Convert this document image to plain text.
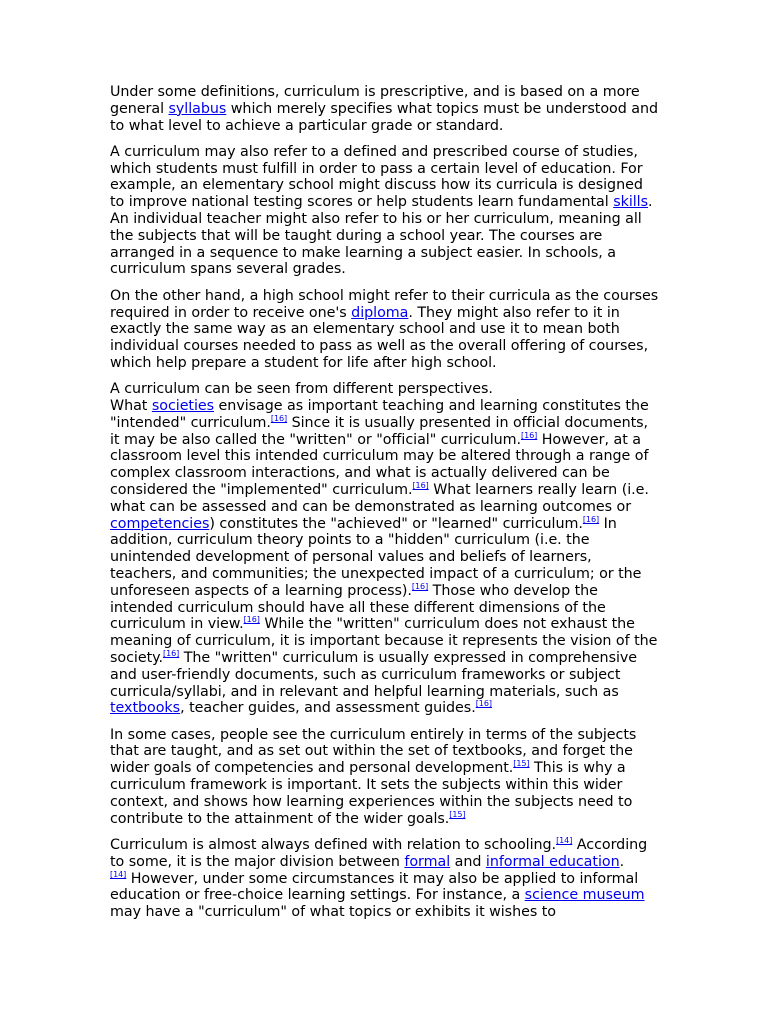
Under some definitions, curriculum is prescriptive, and is based on a more general syllabus which merely specifies what topics must be understood and to what level to achieve a particular grade or standard.

A curriculum may also refer to a defined and prescribed course of studies, which students must fulfill in order to pass a certain level of education. For example, an elementary school might discuss how its curricula is designed to improve national testing scores or help students learn fundamental skills. An individual teacher might also refer to his or her curriculum, meaning all the subjects that will be taught during a school year. The courses are arranged in a sequence to make learning a subject easier. In schools, a curriculum spans several grades.

On the other hand, a high school might refer to their curricula as the courses required in order to receive one's diploma. They might also refer to it in exactly the same way as an elementary school and use it to mean both individual courses needed to pass as well as the overall offering of courses, which help prepare a student for life after high school.

A curriculum can be seen from different perspectives.
What societies envisage as important teaching and learning constitutes the "intended" curriculum.[16] Since it is usually presented in official documents, it may be also called the "written" or "official" curriculum.[16] However, at a classroom level this intended curriculum may be altered through a range of complex classroom interactions, and what is actually delivered can be considered the "implemented" curriculum.[16] What learners really learn (i.e. what can be assessed and can be demonstrated as learning outcomes or competencies) constitutes the "achieved" or "learned" curriculum.[16] In addition, curriculum theory points to a "hidden" curriculum (i.e. the unintended development of personal values and beliefs of learners, teachers, and communities; the unexpected impact of a curriculum; or the unforeseen aspects of a learning process).[16] Those who develop the intended curriculum should have all these different dimensions of the curriculum in view.[16] While the "written" curriculum does not exhaust the meaning of curriculum, it is important because it represents the vision of the society.[16] The "written" curriculum is usually expressed in comprehensive and user-friendly documents, such as curriculum frameworks or subject curricula/syllabi, and in relevant and helpful learning materials, such as textbooks, teacher guides, and assessment guides.[16]

In some cases, people see the curriculum entirely in terms of the subjects that are taught, and as set out within the set of textbooks, and forget the wider goals of competencies and personal development.[15] This is why a curriculum framework is important. It sets the subjects within this wider context, and shows how learning experiences within the subjects need to contribute to the attainment of the wider goals.[15]

Curriculum is almost always defined with relation to schooling.[14] According to some, it is the major division between formal and informal education.
[14] However, under some circumstances it may also be applied to informal education or free-choice learning settings. For instance, a science museum may have a "curriculum" of what topics or exhibits it wishes to
